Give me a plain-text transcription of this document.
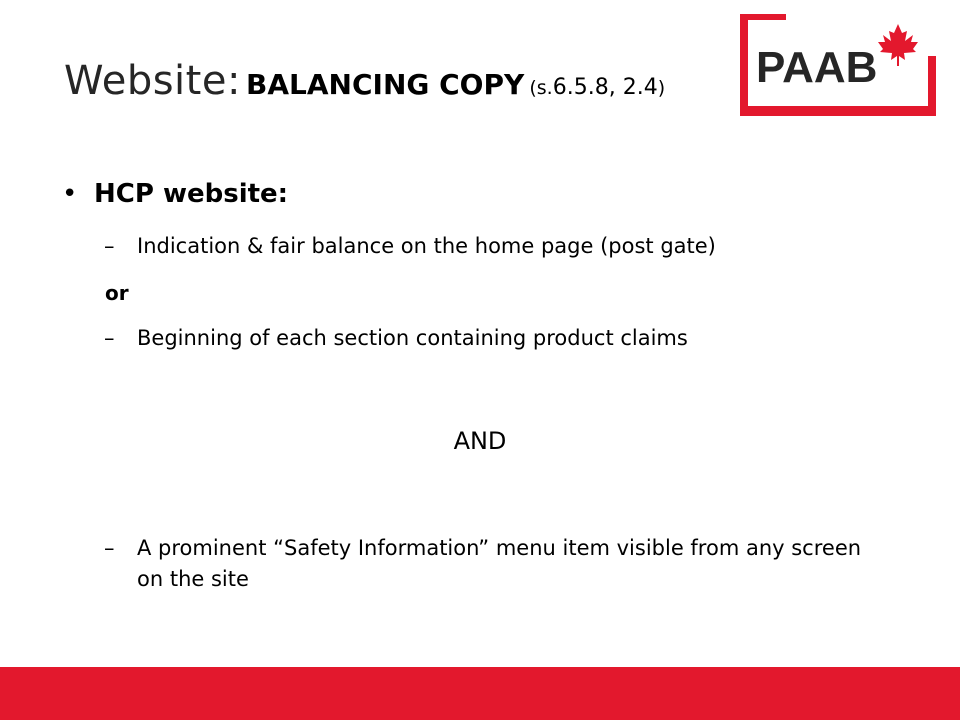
Website: BALANCING COPY (s.6.5.8, 2.4) PAAB
• HCP website:
–	Indication & fair balance on the home page (post gate)
or
–	Beginning of each section containing product claims
AND
–	A prominent “Safety Information” menu item visible from any screen on the site
